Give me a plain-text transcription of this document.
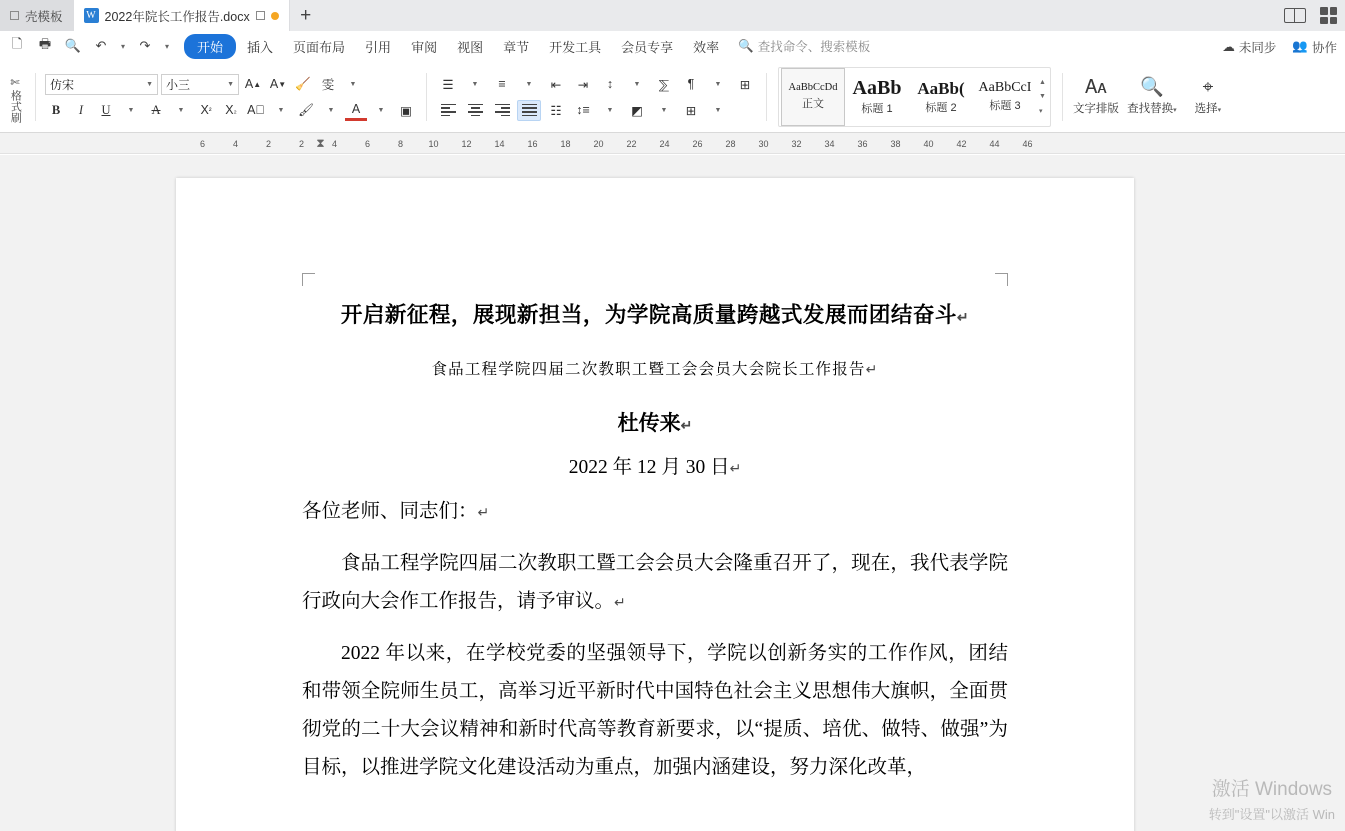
壳模板 W 2022年院长工作报告.docx	+
🗋	🖶	🔍	↶	▾	↷	▾	开始	插入	页面布局	引用	审阅	视图	章节	开发工具	会员专享	效率	🔍 查找命令、搜索模板	☁ 未同步 👥 协作
✄
格式刷
仿宋	▼ 小三	▼ A ▲ A ▼ 🧹 雯	▼
B	I	U	▼	A	▼	X ²	X ₂ A⃞	▼ 🖌	▼	A	▼	▣
☰	▼	≡	▼	⇤	⇥	↕	▼	⅀	¶	▼	⊞
☷	↕≡	▼	◩	▼	⊞	▼
AaBbCcDd
正文
AaBb
标题 1
AaBb(
标题 2
AaBbCcI
标题 3
▲
▼
▾
🗛
文字排版
🔍
查找替换▾
⌖
选择▾
6	4	2	2	4	6	8	10	12	14	16	18	20	22	24	26	28	30	32	34	36	38	40	42	44	46
⧗
开启新征程，展现新担当，为学院高质量跨越式发展而团结奋斗↵
食品工程学院四届二次教职工暨工会会员大会院长工作报告↵
杜传来↵
2022 年 12 月 30 日↵
各位老师、同志们：↵
食品工程学院四届二次教职工暨工会会员大会隆重召开了，现在，我代表学院行政向大会作工作报告，请予审议。↵
2022 年以来，在学校党委的坚强领导下，学院以创新务实的工作作风，团结和带领全院师生员工，高举习近平新时代中国特色社会主义思想伟大旗帜，全面贯彻党的二十大会议精神和新时代高等教育新要求，以“提质、培优、做特、做强”为目标，以推进学院文化建设活动为重点，加强内涵建设，努力深化改革，
激活 Windows
转到"设置"以激活 Win
